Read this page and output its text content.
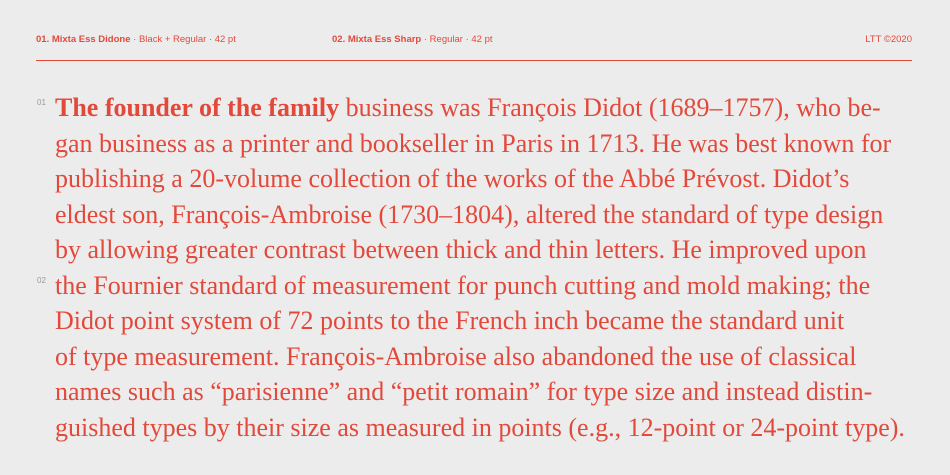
01. Mixta Ess Didone · Black + Regular · 42 pt	02. Mixta Ess Sharp · Regular · 42 pt	LTT ©2020
01
02
The founder of the family business was François Didot (1689–1757), who be-
gan business as a printer and bookseller in Paris in 1713. He was best known for
publishing a 20-volume collection of the works of the Abbé Prévost. Didot’s
eldest son, François-Ambroise (1730–1804), altered the standard of type design
by allowing greater contrast between thick and thin letters. He improved upon
the Fournier standard of measurement for punch cutting and mold making; the
Didot point system of 72 points to the French inch became the standard unit
of type measurement. François-Ambroise also abandoned the use of classical
names such as “parisienne” and “petit romain” for type size and instead distin-
guished types by their size as measured in points (e.g., 12-point or 24-point type).
